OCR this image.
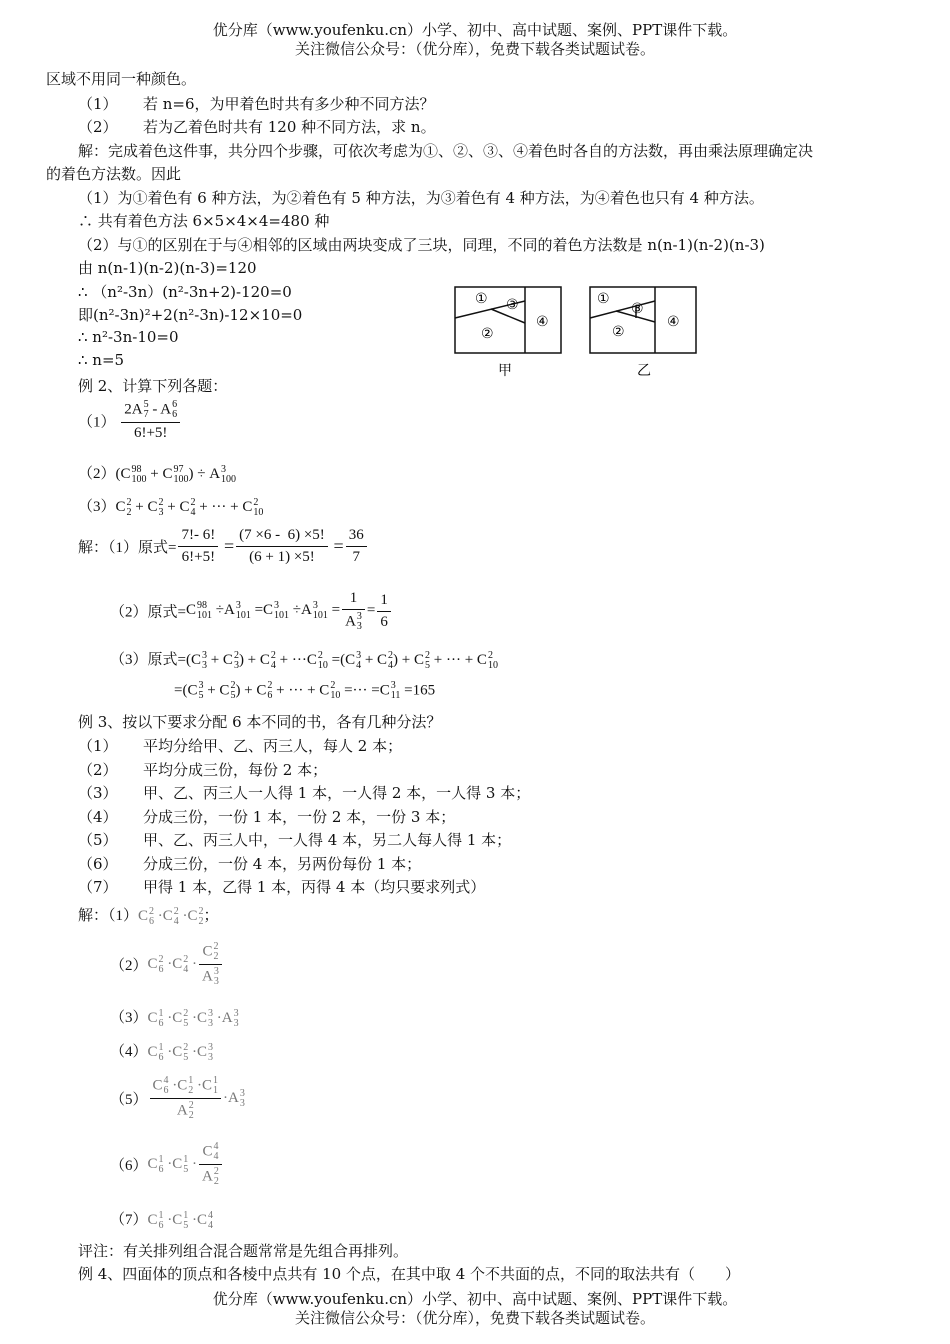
优分库（www.youfenku.cn）小学、初中、高中试题、案例、PPT课件下载。
关注微信公众号：（优分库），免费下载各类试题试卷。
区域不用同一种颜色。
（1） 若 n=6，为甲着色时共有多少种不同方法？
（2） 若为乙着色时共有 120 种不同方法，求 n。
解：完成着色这件事，共分四个步骤，可依次考虑为①、②、③、④着色时各自的方法数，再由乘法原理确定决
的着色方法数。因此
（1）为①着色有 6 种方法，为②着色有 5 种方法，为③着色有 4 种方法，为④着色也只有 4 种方法。
∴ 共有着色方法 6×5×4×4=480 种
（2）与①的区别在于与④相邻的区域由两块变成了三块，同理，不同的着色方法数是 n(n-1)(n-2)(n-3)
由 n(n-1)(n-2)(n-3)=120
∴ （n²-3n）(n²-3n+2)-120=0
即(n²-3n)²+2(n²-3n)-12×10=0
∴ n²-3n-10=0
∴ n=5
① ③
②
④
①
③
②
④
甲	乙
例 2、计算下列各题：
（1） 2A 5
7 - A 6
6
6!+5!
（2）(C 98
100 + C 97
100 ) ÷ A 3
100
（3）C 2
2 + C 2
3 + C 2
4 + ··· + C 2
10
解：（1）原式= $\frac{7!- 6!}{6!+5!} = \frac{(7 \times 6 - 6) \times 5!}{(6 + 1) \times 5!} = \frac{36}{7}$
（2）原式=C 98
101 ÷A 3
101 =C 3
101 ÷A 3
101 = 1
A 3
$3 = \frac{1}{6}$
（3）原式=(C 3
3 + C 2
3 ) + C 2
4 + ···C 2
10 =(C 3
4 + C 2
4 ) + C 2
5 + ··· + C 2
10
=(C 3
5 + C 2
5 ) + C 2
6 + ··· + C 2
10 =··· =C 3
11 =165
例 3、按以下要求分配 6 本不同的书，各有几种分法？
（1） 平均分给甲、乙、丙三人，每人 2 本；
（2） 平均分成三份，每份 2 本；
（3） 甲、乙、丙三人一人得 1 本，一人得 2 本，一人得 3 本；
（4） 分成三份，一份 1 本，一份 2 本，一份 3 本；
（5） 甲、乙、丙三人中，一人得 4 本，另二人每人得 1 本；
（6） 分成三份，一份 4 本，另两份每份 1 本；
（7） 甲得 1 本，乙得 1 本，丙得 4 本（均只要求列式）
解：（1）C 2
6 ·C 2
4 ·C 2
2 ；
（2）C 2
6 ·C 2
4 · C 2
2
A 3
3
（3）C 1
6 ·C 2
5 ·C 3
3 ·A 3
3
（4）C 1
6 ·C 2
5 ·C 3
3
（5） C 4
6 ·C 1
2 ·C 1
1
A 2
2 ·A 3
3
（6）C 1
6 ·C 1
5 · C 4
4
A 2
2
（7）C 1
6 ·C 1
5 ·C 4
4
评注：有关排列组合混合题常常是先组合再排列。
例 4、四面体的顶点和各棱中点共有 10 个点，在其中取 4 个不共面的点，不同的取法共有（　　）
优分库（www.youfenku.cn）小学、初中、高中试题、案例、PPT课件下载。
关注微信公众号：（优分库），免费下载各类试题试卷。
